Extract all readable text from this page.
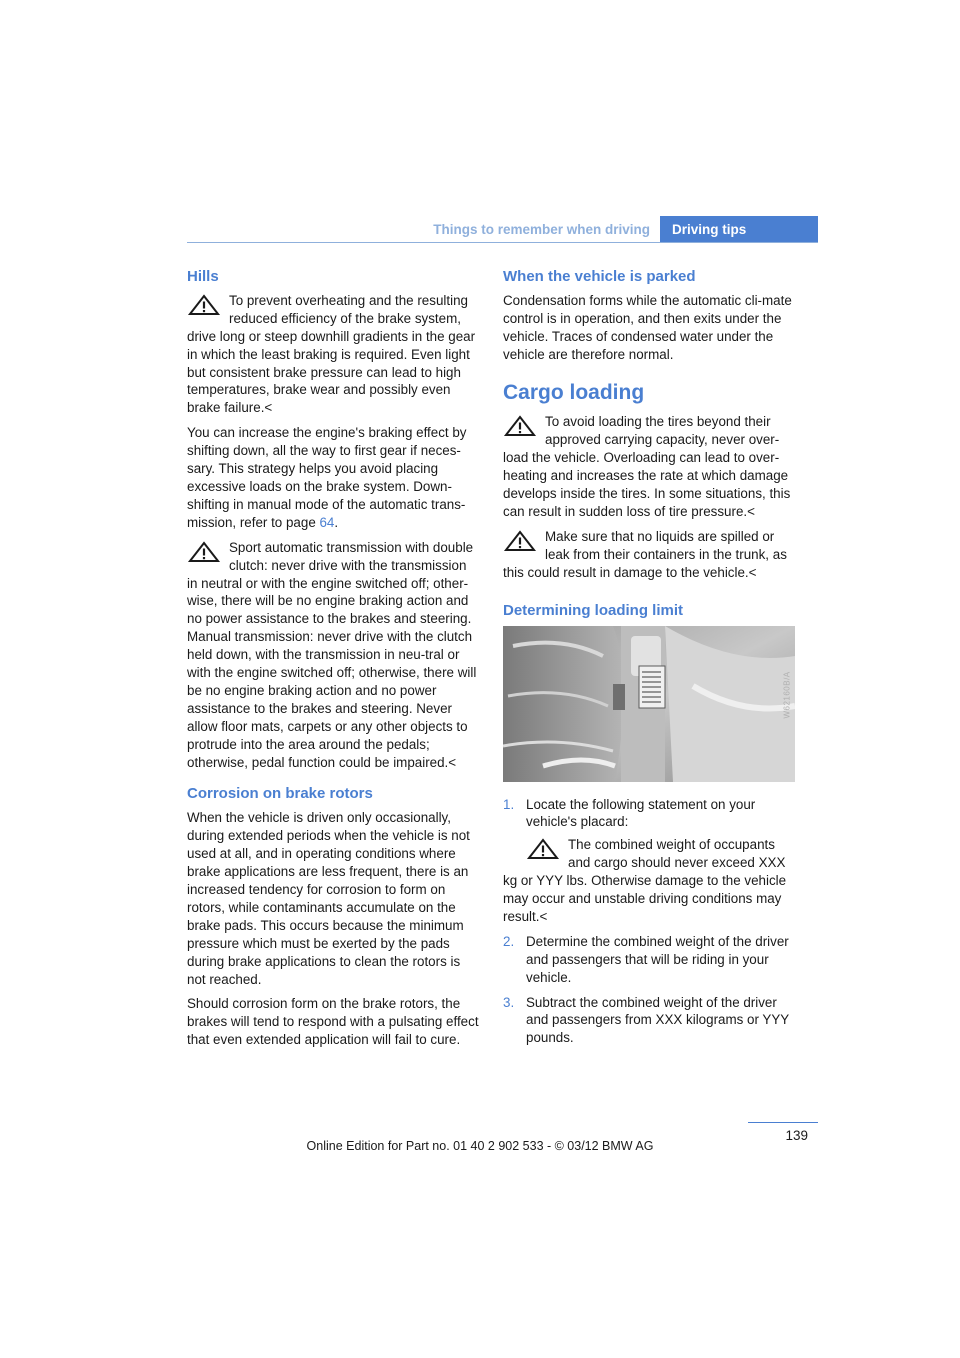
Things to remember when driving	Driving tips
Hills

To prevent overheating and the resulting reduced efficiency of the brake system, drive long or steep downhill gradients in the gear in which the least braking is required. Even light but consistent brake pressure can lead to high temperatures, brake wear and possibly even brake failure.<

You can increase the engine's braking effect by shifting down, all the way to first gear if neces-sary. This strategy helps you avoid placing excessive loads on the brake system. Down-shifting in manual mode of the automatic trans-mission, refer to page 64.

Sport automatic transmission with double clutch: never drive with the transmission in neutral or with the engine switched off; other-wise, there will be no engine braking action and no power assistance to the brakes and steering. Manual transmission: never drive with the clutch held down, with the transmission in neu-tral or with the engine switched off; otherwise, there will be no engine braking action and no power assistance to the brakes and steering. Never allow floor mats, carpets or any other objects to protrude into the area around the pedals; otherwise, pedal function could be impaired.<

Corrosion on brake rotors

When the vehicle is driven only occasionally, during extended periods when the vehicle is not used at all, and in operating conditions where brake applications are less frequent, there is an increased tendency for corrosion to form on rotors, while contaminants accumulate on the brake pads. This occurs because the minimum pressure which must be exerted by the pads during brake applications to clean the rotors is not reached.

Should corrosion form on the brake rotors, the brakes will tend to respond with a pulsating effect that even extended application will fail to cure.

When the vehicle is parked

Condensation forms while the automatic cli-mate control is in operation, and then exits under the vehicle. Traces of condensed water under the vehicle are therefore normal.

Cargo loading

To avoid loading the tires beyond their approved carrying capacity, never over-load the vehicle. Overloading can lead to over-heating and increases the rate at which damage develops inside the tires. In some situations, this can result in sudden loss of tire pressure.<

Make sure that no liquids are spilled or leak from their containers in the trunk, as this could result in damage to the vehicle.<

Determining loading limit
W62160B/A
1. Locate the following statement on your vehicle's placard:

The combined weight of occupants and cargo should never exceed XXX kg or YYY lbs. Otherwise damage to the vehicle may occur and unstable driving conditions may result.<

2. Determine the combined weight of the driver and passengers that will be riding in your vehicle.
3. Subtract the combined weight of the driver and passengers from XXX kilograms or YYY pounds.
139
Online Edition for Part no. 01 40 2 902 533 - © 03/12 BMW AG
